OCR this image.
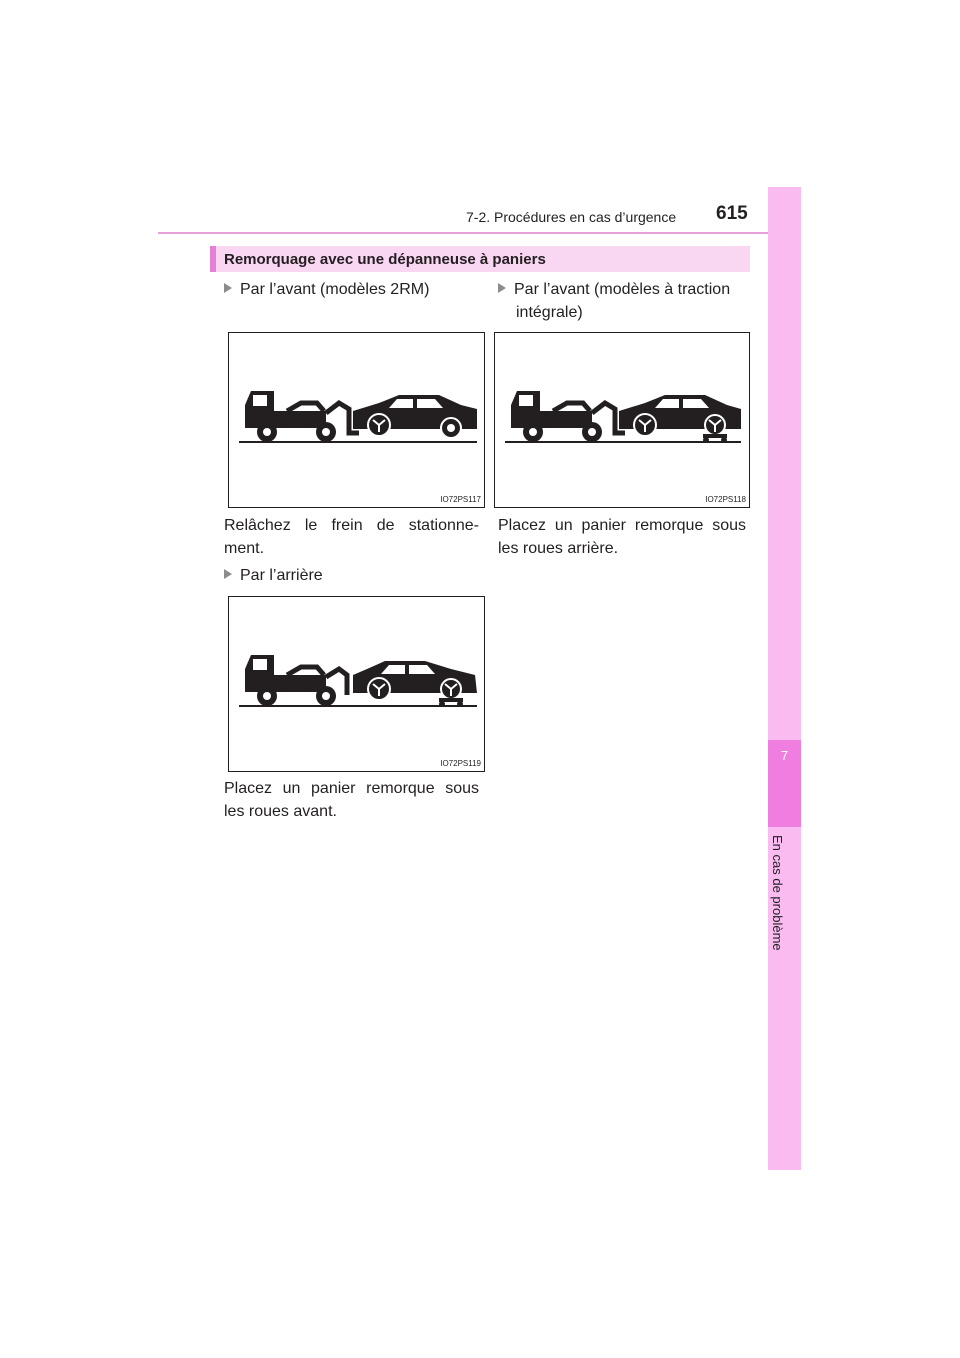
7-2. Procédures en cas d’urgence 615
7
En cas de problème
Remorquage avec une dépanneuse à paniers
Par l’avant (modèles 2RM)
IO72PS117
Relâchez le frein de stationne-ment.
Par l’avant (modèles à traction intégrale)
IO72PS118
Placez un panier remorque sous les roues arrière.
Par l’arrière
IO72PS119
Placez un panier remorque sous les roues avant.
